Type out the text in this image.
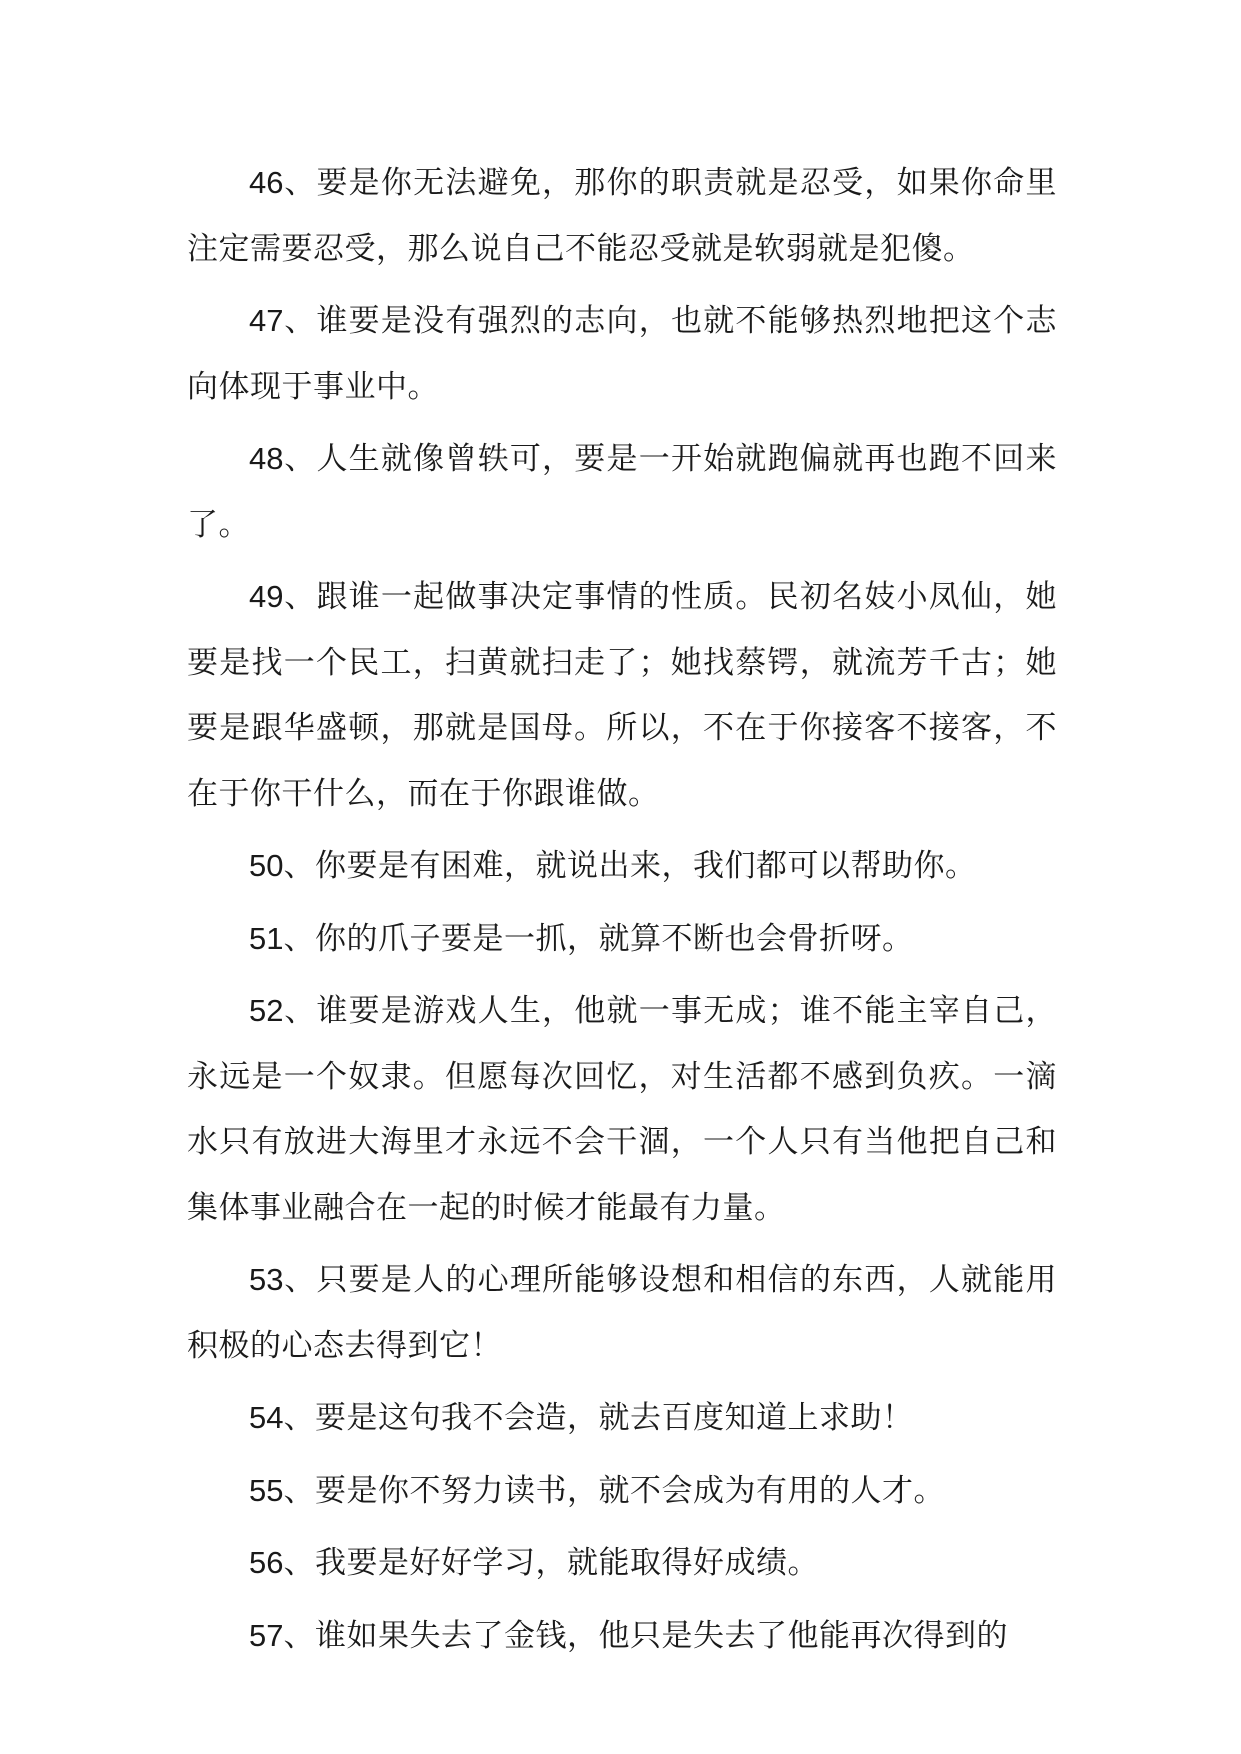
46、要是你无法避免，那你的职责就是忍受，如果你命里注定需要忍受，那么说自己不能忍受就是软弱就是犯傻。

47、谁要是没有强烈的志向，也就不能够热烈地把这个志向体现于事业中。

48、人生就像曾轶可，要是一开始就跑偏就再也跑不回来了。

49、跟谁一起做事决定事情的性质。民初名妓小凤仙，她要是找一个民工，扫黄就扫走了；她找蔡锷，就流芳千古；她要是跟华盛顿，那就是国母。所以，不在于你接客不接客，不在于你干什么，而在于你跟谁做。

50、你要是有困难，就说出来，我们都可以帮助你。

51、你的爪子要是一抓，就算不断也会骨折呀。

52、谁要是游戏人生，他就一事无成；谁不能主宰自己，永远是一个奴隶。但愿每次回忆，对生活都不感到负疚。一滴水只有放进大海里才永远不会干涸，一个人只有当他把自己和集体事业融合在一起的时候才能最有力量。

53、只要是人的心理所能够设想和相信的东西，人就能用积极的心态去得到它！

54、要是这句我不会造，就去百度知道上求助！

55、要是你不努力读书，就不会成为有用的人才。

56、我要是好好学习，就能取得好成绩。

57、谁如果失去了金钱，他只是失去了他能再次得到的
